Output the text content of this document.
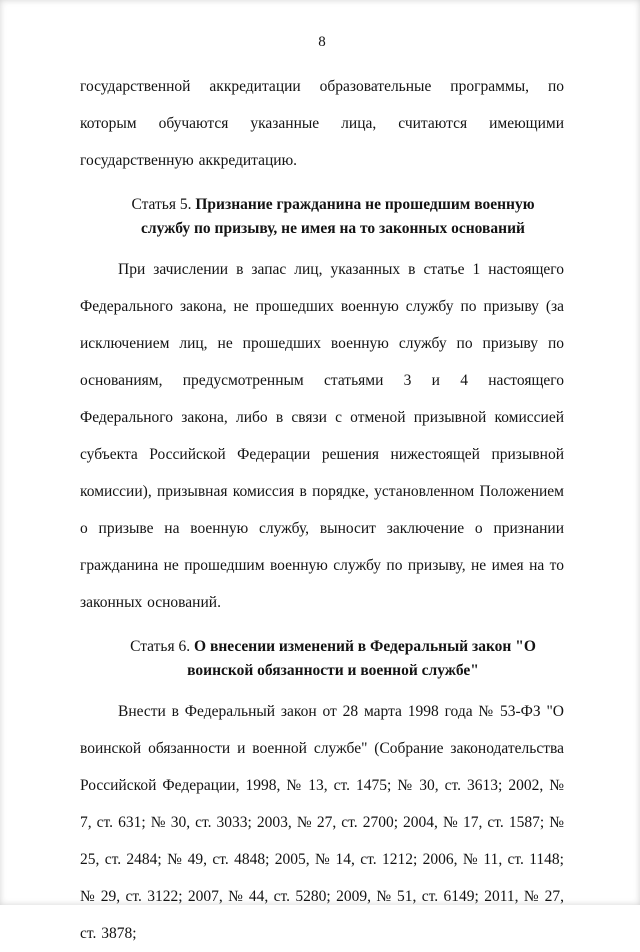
8

государственной аккредитации образовательные программы, по которым обучаются указанные лица, считаются имеющими государственную аккредитацию.

Статья 5. Признание гражданина не прошедшим военную службу по призыву, не имея на то законных оснований

При зачислении в запас лиц, указанных в статье 1 настоящего Федерального закона, не прошедших военную службу по призыву (за исключением лиц, не прошедших военную службу по призыву по основаниям, предусмотренным статьями 3 и 4 настоящего Федерального закона, либо в связи с отменой призывной комиссией субъекта Российской Федерации решения нижестоящей призывной комиссии), призывная комиссия в порядке, установленном Положением о призыве на военную службу, выносит заключение о признании гражданина не прошедшим военную службу по призыву, не имея на то законных оснований.

Статья 6. О внесении изменений в Федеральный закон "О воинской обязанности и военной службе"

Внести в Федеральный закон от 28 марта 1998 года № 53-ФЗ "О воинской обязанности и военной службе" (Собрание законодательства Российской Федерации, 1998, № 13, ст. 1475; № 30, ст. 3613; 2002, № 7, ст. 631; № 30, ст. 3033; 2003, № 27, ст. 2700; 2004, № 17, ст. 1587; № 25, ст. 2484; № 49, ст. 4848; 2005, № 14, ст. 1212; 2006, № 11, ст. 1148; № 29, ст. 3122; 2007, № 44, ст. 5280; 2009, № 51, ст. 6149; 2011, № 27, ст. 3878;
